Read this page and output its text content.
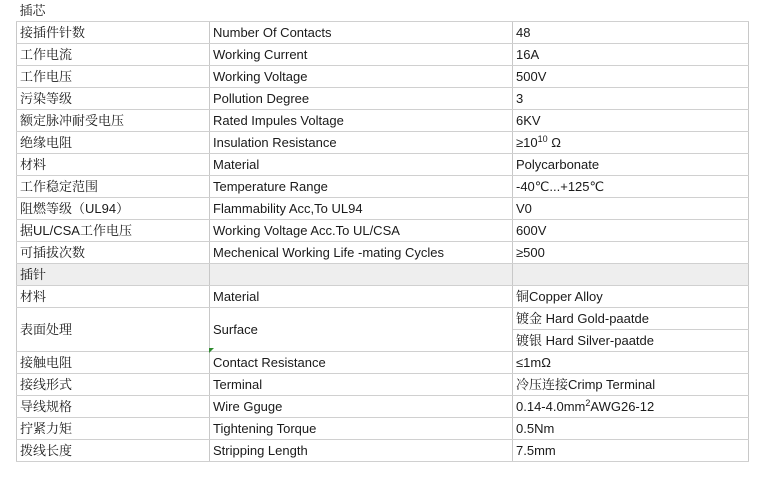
插芯		
接插件针数	Number Of Contacts	48
工作电流	Working Current	16A
工作电压	Working Voltage	500V
污染等级	Pollution Degree	3
额定脉冲耐受电压	Rated Impules Voltage	6KV
绝缘电阻	Insulation Resistance	$\ge 10^{10}$ Ω
材料	Material	Polycarbonate
工作稳定范围	Temperature Range	-40℃...+125℃
阻燃等级（UL94）	Flammability Acc,To UL94	V0
据UL/CSA工作电压	Working Voltage Acc.To UL/CSA	600V
可插拔次数	Mechenical Working Life -mating Cycles	≥500
插针		
材料	Material	铜Copper Alloy
表面处理	Surface	镀金 Hard Gold-paatde
		镀银 Hard Silver-paatde
接触电阻	Contact Resistance	≤1mΩ
接线形式	Terminal	冷压连接Crimp Terminal
导线规格	Wire Gguge	$0.14-4.0mm^2AWG26-12$
拧紧力矩	Tightening Torque	0.5Nm
拨线长度	Stripping Length	7.5mm
